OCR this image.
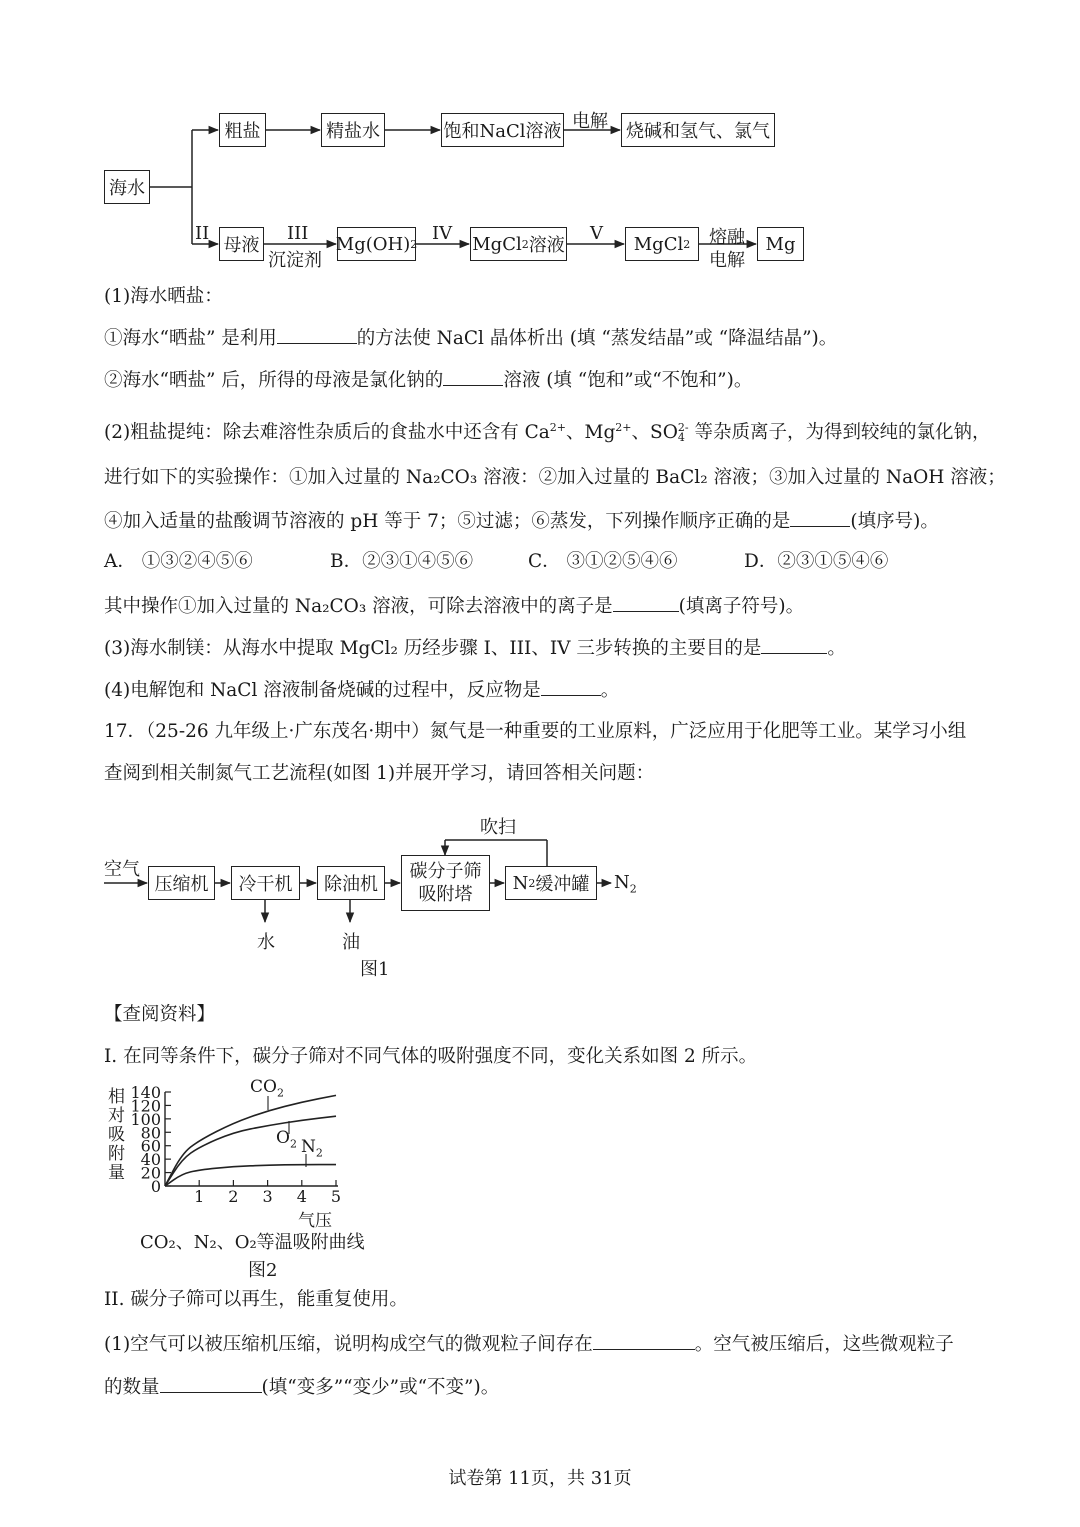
海水
粗盐	精盐水	饱和NaCl溶液 电解 烧碱和氢气、氯气
II
母液
III
沉淀剂
Mg(OH) 2 IV MgCl 2 溶液
V MgCl 2 熔融
电解
Mg
(1)海水晒盐：
①海水“晒盐” 是利用	的方法使 NaCl 晶体析出 (填 “蒸发结晶”或 “降温结晶”)。
②海水“晒盐” 后，所得的母液是氯化钠的	溶液 (填 “饱和”或“不饱和”)。
(2)粗盐提纯：除去难溶性杂质后的食盐水中还含有 $Ca^{2+}$、$Mg^{2+}$、SO2-
4 等杂质离子，为得到较纯的氯化钠，
进行如下的实验操作：①加入过量的 Na₂CO₃ 溶液：②加入过量的 BaCl₂ 溶液；③加入过量的 NaOH 溶液；
④加入适量的盐酸调节溶液的 pH 等于 7；⑤过滤；⑥蒸发，下列操作顺序正确的是	(填序号)。
A． ①③②④⑤⑥	B．②③①④⑤⑥	C． ③①②⑤④⑥	D．②③①⑤④⑥
其中操作①加入过量的 Na₂CO₃ 溶液，可除去溶液中的离子是	(填离子符号)。
(3)海水制镁：从海水中提取 MgCl₂ 历经步骤 I、III、IV 三步转换的主要目的是	。
(4)电解饱和 NaCl 溶液制备烧碱的过程中，反应物是	。
17．（25-26 九年级上·广东茂名·期中）氮气是一种重要的工业原料，广泛应用于化肥等工业。某学习小组
查阅到相关制氮气工艺流程(如图 1)并展开学习，请回答相关问题：
空气
压缩机 冷干机 除油机
碳分子筛
吸附塔
N 2 缓冲罐 $N_2$
吹扫
水	油
图1
【查阅资料】
I. 在同等条件下，碳分子筛对不同气体的吸附强度不同，变化关系如图 2 所示。
相
对
吸
附
量
140
120
100
80
60
40
20
0
1 2 3 4 5
$CO_2$
$O_2$ $N_2$
气压
CO₂、N₂、O₂等温吸附曲线
图2
II. 碳分子筛可以再生，能重复使用。
(1)空气可以被压缩机压缩，说明构成空气的微观粒子间存在	。空气被压缩后，这些微观粒子
的数量	(填“变多”“变少”或“不变”)。
试卷第 11页，共 31页
